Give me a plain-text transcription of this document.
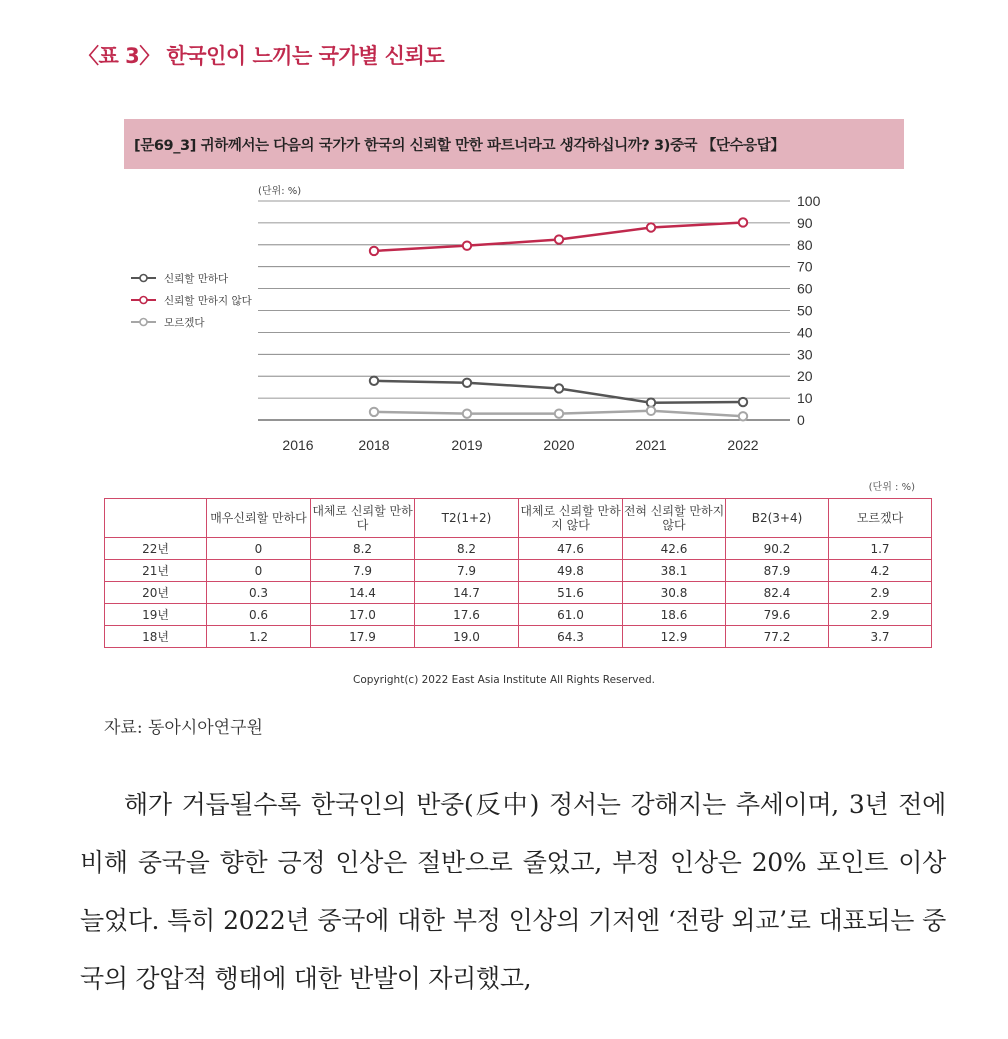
〈표 3〉 한국인이 느끼는 국가별 신뢰도
[문69_3] 귀하께서는 다음의 국가가 한국의 신뢰할 만한 파트너라고 생각하십니까? 3)중국 【단수응답】
0
10
20
30
40
50
60
70
80
90
100
2016	2018	2019	2020	2021	2022
(단위: %)
신뢰할 만하다
신뢰할 만하지 않다
모르겠다
(단위 : %)
	매우신뢰할 만하다	대체로 신뢰할 만하다	T2(1+2)	대체로 신뢰할 만하지 않다	전혀 신뢰할 만하지 않다	B2(3+4)	모르겠다
22년	0	8.2	8.2	47.6	42.6	90.2	1.7
21년	0	7.9	7.9	49.8	38.1	87.9	4.2
20년	0.3	14.4	14.7	51.6	30.8	82.4	2.9
19년	0.6	17.0	17.6	61.0	18.6	79.6	2.9
18년	1.2	17.9	19.0	64.3	12.9	77.2	3.7
Copyright(c) 2022 East Asia Institute All Rights Reserved.
자료: 동아시아연구원

해가 거듭될수록 한국인의 반중(反中) 정서는 강해지는 추세이며, 3년 전에 비해 중국을 향한 긍정 인상은 절반으로 줄었고, 부정 인상은 20% 포인트 이상 늘었다. 특히 2022년 중국에 대한 부정 인상의 기저엔 ‘전랑 외교’로 대표되는 중국의 강압적 행태에 대한 반발이 자리했고,
